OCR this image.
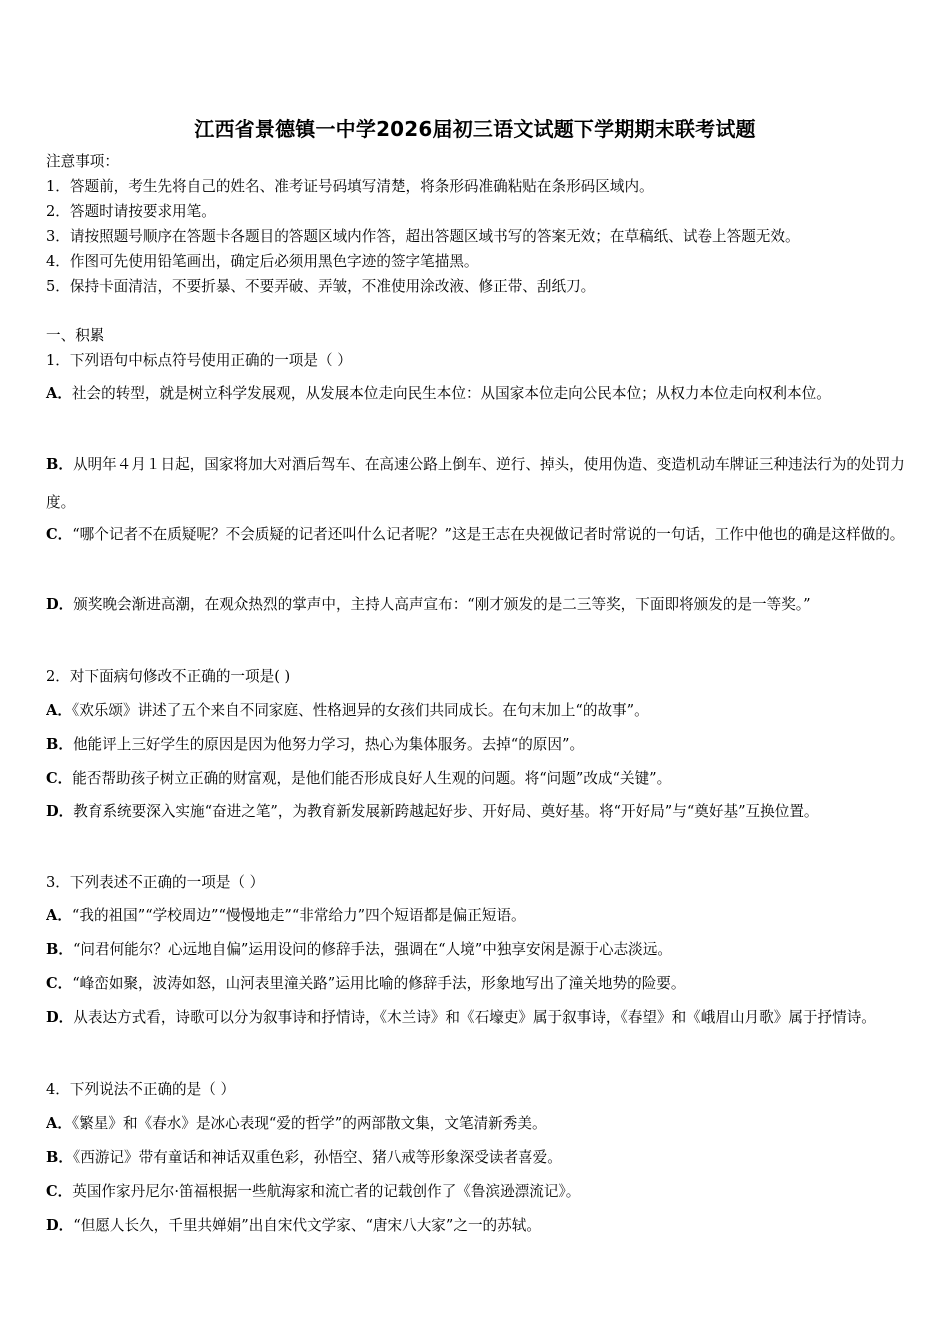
江西省景德镇一中学2026届初三语文试题下学期期末联考试题
注意事项：
1．答题前，考生先将自己的姓名、准考证号码填写清楚，将条形码准确粘贴在条形码区域内。
2．答题时请按要求用笔。
3．请按照题号顺序在答题卡各题目的答题区域内作答，超出答题区域书写的答案无效；在草稿纸、试卷上答题无效。
4．作图可先使用铅笔画出，确定后必须用黑色字迹的签字笔描黑。
5．保持卡面清洁，不要折暴、不要弄破、弄皱，不准使用涂改液、修正带、刮纸刀。
一、积累
1．下列语句中标点符号使用正确的一项是（ ）
A．社会的转型，就是树立科学发展观，从发展本位走向民生本位：从国家本位走向公民本位；从权力本位走向权利本位。
B．从明年４月１日起，国家将加大对酒后驾车、在高速公路上倒车、逆行、掉头，使用伪造、变造机动车牌证三种违法行为的处罚力度。
C．“哪个记者不在质疑呢？不会质疑的记者还叫什么记者呢？”这是王志在央视做记者时常说的一句话，工作中他也的确是这样做的。
D．颁奖晚会渐进高潮，在观众热烈的掌声中，主持人高声宣布：“刚才颁发的是二三等奖，下面即将颁发的是一等奖。”
2．对下面病句修改不正确的一项是( )
A．《欢乐颂》讲述了五个来自不同家庭、性格迥异的女孩们共同成长。在句末加上“的故事”。
B．他能评上三好学生的原因是因为他努力学习，热心为集体服务。去掉“的原因”。
C．能否帮助孩子树立正确的财富观，是他们能否形成良好人生观的问题。将“问题”改成“关键”。
D．教育系统要深入实施“奋进之笔”，为教育新发展新跨越起好步、开好局、奠好基。将“开好局”与“奠好基”互换位置。
3．下列表述不正确的一项是（ ）
A．“我的祖国”“学校周边”“慢慢地走”“非常给力”四个短语都是偏正短语。
B．“问君何能尔？心远地自偏”运用设问的修辞手法，强调在“人境”中独享安闲是源于心志淡远。
C．“峰峦如聚，波涛如怒，山河表里潼关路”运用比喻的修辞手法，形象地写出了潼关地势的险要。
D．从表达方式看，诗歌可以分为叙事诗和抒情诗，《木兰诗》和《石壕吏》属于叙事诗，《春望》和《峨眉山月歌》属于抒情诗。
4．下列说法不正确的是（ ）
A．《繁星》和《春水》是冰心表现“爱的哲学”的两部散文集，文笔清新秀美。
B．《西游记》带有童话和神话双重色彩，孙悟空、猪八戒等形象深受读者喜爱。
C．英国作家丹尼尔·笛福根据一些航海家和流亡者的记载创作了《鲁滨逊漂流记》。
D．“但愿人长久，千里共婵娟”出自宋代文学家、“唐宋八大家”之一的苏轼。
